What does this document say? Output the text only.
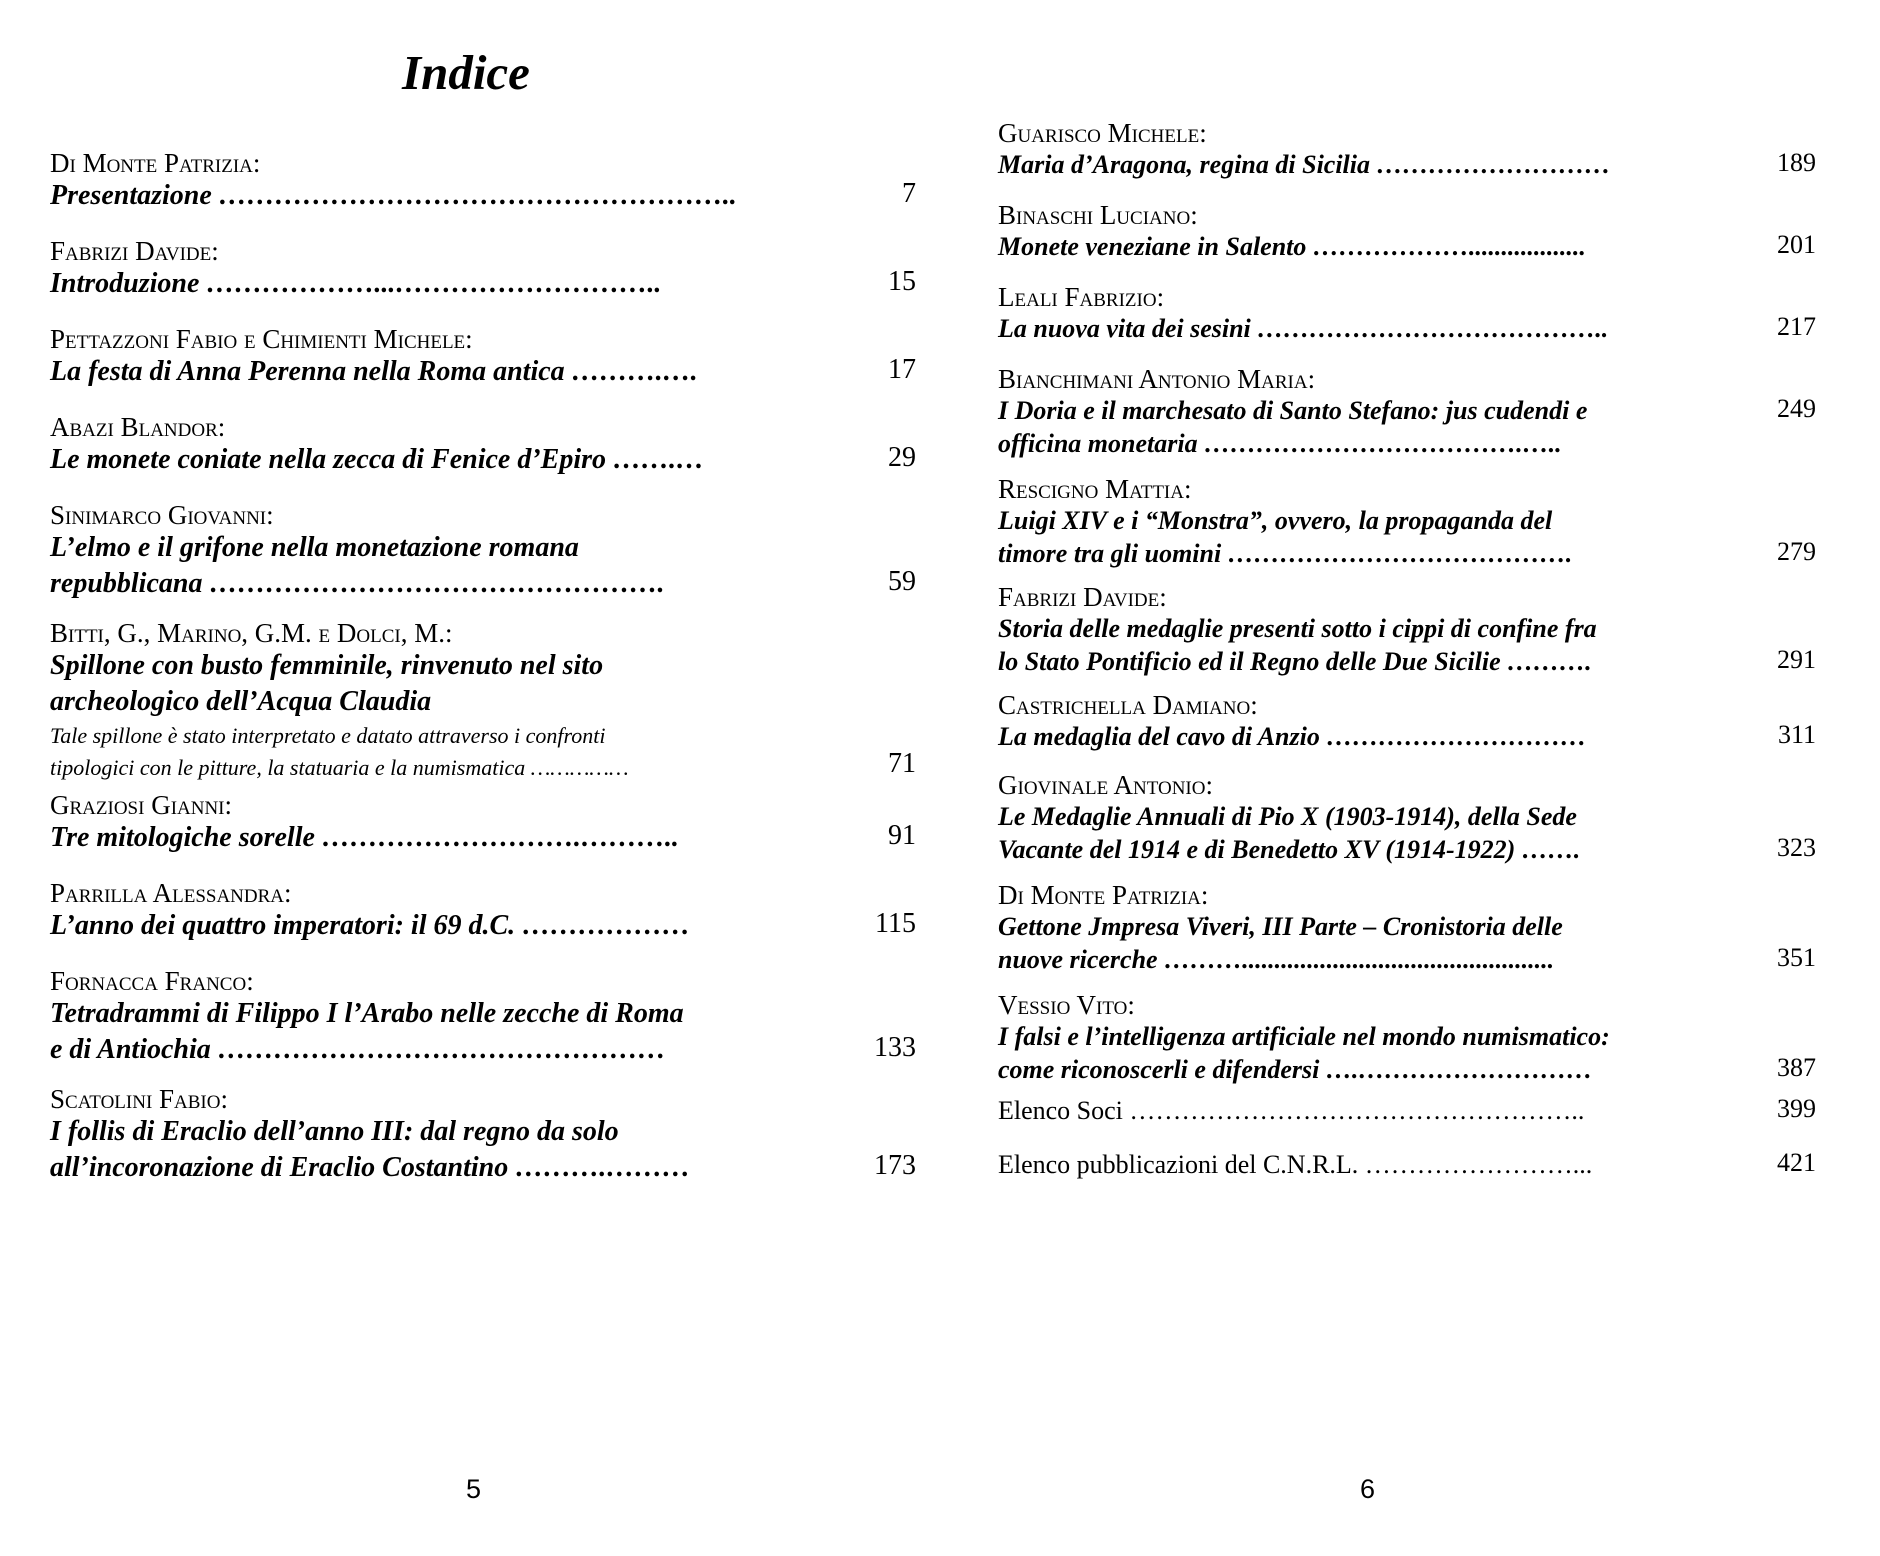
Indice
Di Monte Patrizia:
Presentazione ………………………………………………..	7
Fabrizi Davide:
Introduzione ………………...………………………..	15
Pettazzoni Fabio e Chimienti Michele:
La festa di Anna Perenna nella Roma antica ……….….	17
Abazi Blandor:
Le monete coniate nella zecca di Fenice d’Epiro …….…	29
Sinimarco Giovanni:
L’elmo e il grifone nella monetazione romana
repubblicana ………………………………………….	59
Bitti, G., Marino, G.M. e Dolci, M.:
Spillone con busto femminile, rinvenuto nel sito
archeologico dell’Acqua Claudia
Tale spillone è stato interpretato e datato attraverso i confronti
tipologici con le pitture, la statuaria e la numismatica ……………	71
Graziosi Gianni:
Tre mitologiche sorelle ……………………….………..	91
Parrilla Alessandra:
L’anno dei quattro imperatori: il 69 d.C. ………………	115
Fornacca Franco:
Tetradrammi di Filippo I l’Arabo nelle zecche di Roma
e di Antiochia …………………………………………	133
Scatolini Fabio:
I follis di Eraclio dell’anno III: dal regno da solo
all’incoronazione di Eraclio Costantino ……….………	173
5
Guarisco Michele:
Maria d’Aragona, regina di Sicilia ………………………	189
Binaschi Luciano:
Monete veneziane in Salento ………………..................	201
Leali Fabrizio:
La nuova vita dei sesini …………………………………..	217
Bianchimani Antonio Maria:
I Doria e il marchesato di Santo Stefano: jus cudendi e	249
officina monetaria ……………………………….…..
Rescigno Mattia:
Luigi XIV e i “Monstra”, ovvero, la propaganda del
timore tra gli uomini ………………………………….	279
Fabrizi Davide:
Storia delle medaglie presenti sotto i cippi di confine fra
lo Stato Pontificio ed il Regno delle Due Sicilie ……….	291
Castrichella Damiano:
La medaglia del cavo di Anzio …………………………	311
Giovinale Antonio:
Le Medaglie Annuali di Pio X (1903-1914), della Sede
Vacante del 1914 e di Benedetto XV (1914-1922) …….	323
Di Monte Patrizia:
Gettone Jmpresa Viveri, III Parte – Cronistoria delle
nuove ricerche ………................................................	351
Vessio Vito:
I falsi e l’intelligenza artificiale nel mondo numismatico:
come riconoscerli e difendersi ….………………………	387
Elenco Soci ……………………………………………..	399
Elenco pubblicazioni del C.N.R.L. ……………………...	421
6
